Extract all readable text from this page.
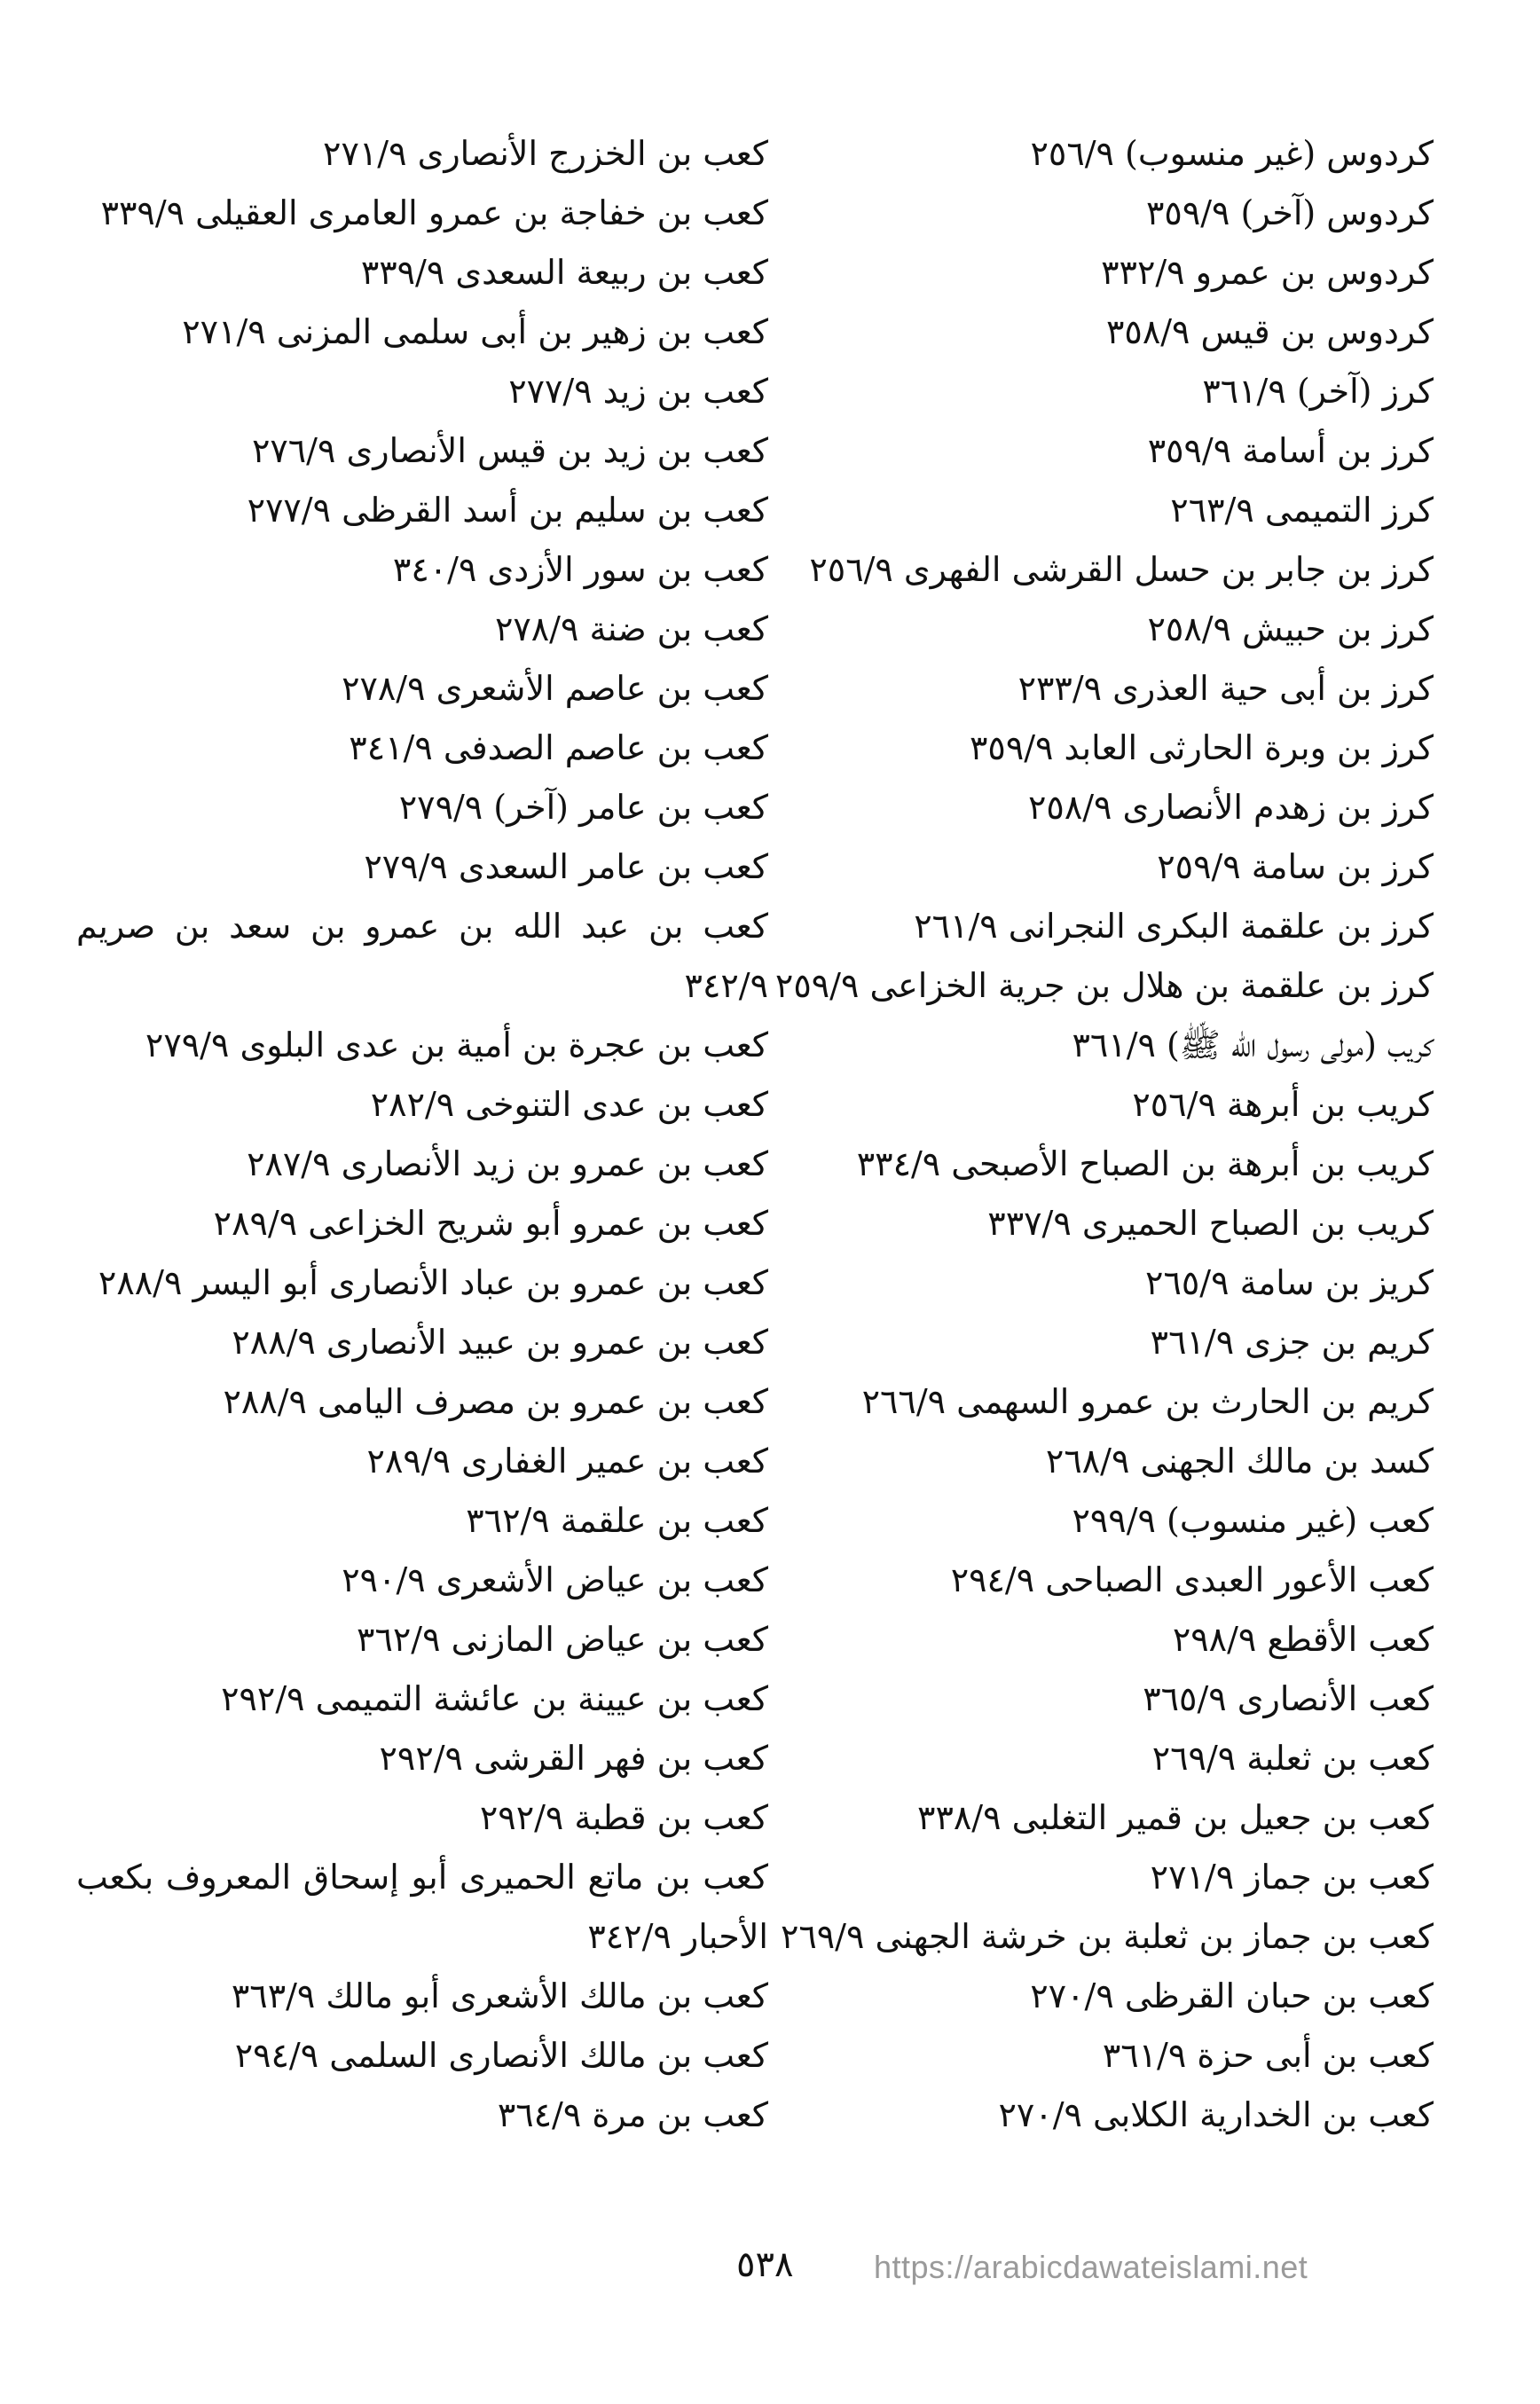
كردوس (غير منسوب) ٢٥٦/٩
كردوس (آخر) ٣٥٩/٩
كردوس بن عمرو ٣٣٢/٩
كردوس بن قيس ٣٥٨/٩
كرز (آخر) ٣٦١/٩
كرز بن أسامة ٣٥٩/٩
كرز التميمى ٢٦٣/٩
كرز بن جابر بن حسل القرشى الفهرى ٢٥٦/٩
كرز بن حبيش ٢٥٨/٩
كرز بن أبى حية العذرى ٢٣٣/٩
كرز بن وبرة الحارثى العابد ٣٥٩/٩
كرز بن زهدم الأنصارى ٢٥٨/٩
كرز بن سامة ٢٥٩/٩
كرز بن علقمة البكرى النجرانى ٢٦١/٩
كرز بن علقمة بن هلال بن جرية الخزاعى ٢٥٩/٩
كريب (مولى رسول الله ﷺ) ٣٦١/٩
كريب بن أبرهة ٢٥٦/٩
كريب بن أبرهة بن الصباح الأصبحى ٣٣٤/٩
كريب بن الصباح الحميرى ٣٣٧/٩
كريز بن سامة ٢٦٥/٩
كريم بن جزى ٣٦١/٩
كريم بن الحارث بن عمرو السهمى ٢٦٦/٩
كسد بن مالك الجهنى ٢٦٨/٩
كعب (غير منسوب) ٢٩٩/٩
كعب الأعور العبدى الصباحى ٢٩٤/٩
كعب الأقطع ٢٩٨/٩
كعب الأنصارى ٣٦٥/٩
كعب بن ثعلبة ٢٦٩/٩
كعب بن جعيل بن قمير التغلبى ٣٣٨/٩
كعب بن جماز ٢٧١/٩
كعب بن جماز بن ثعلبة بن خرشة الجهنى ٢٦٩/٩
كعب بن حبان القرظى ٢٧٠/٩
كعب بن أبى حزة ٣٦١/٩
كعب بن الخدارية الكلابى ٢٧٠/٩
كعب بن الخزرج الأنصارى ٢٧١/٩
كعب بن خفاجة بن عمرو العامرى العقيلى ٣٣٩/٩
كعب بن ربيعة السعدى ٣٣٩/٩
كعب بن زهير بن أبى سلمى المزنى ٢٧١/٩
كعب بن زيد ٢٧٧/٩
كعب بن زيد بن قيس الأنصارى ٢٧٦/٩
كعب بن سليم بن أسد القرظى ٢٧٧/٩
كعب بن سور الأزدى ٣٤٠/٩
كعب بن ضنة ٢٧٨/٩
كعب بن عاصم الأشعرى ٢٧٨/٩
كعب بن عاصم الصدفى ٣٤١/٩
كعب بن عامر (آخر) ٢٧٩/٩
كعب بن عامر السعدى ٢٧٩/٩
كعب بن عبد الله بن عمرو بن سعد بن صريم ٣٤٢/٩
كعب بن عجرة بن أمية بن عدى البلوى ٢٧٩/٩
كعب بن عدى التنوخى ٢٨٢/٩
كعب بن عمرو بن زيد الأنصارى ٢٨٧/٩
كعب بن عمرو أبو شريح الخزاعى ٢٨٩/٩
كعب بن عمرو بن عباد الأنصارى أبو اليسر ٢٨٨/٩
كعب بن عمرو بن عبيد الأنصارى ٢٨٨/٩
كعب بن عمرو بن مصرف اليامى ٢٨٨/٩
كعب بن عمير الغفارى ٢٨٩/٩
كعب بن علقمة ٣٦٢/٩
كعب بن عياض الأشعرى ٢٩٠/٩
كعب بن عياض المازنى ٣٦٢/٩
كعب بن عيينة بن عائشة التميمى ٢٩٢/٩
كعب بن فهر القرشى ٢٩٢/٩
كعب بن قطبة ٢٩٢/٩
كعب بن ماتع الحميرى أبو إسحاق المعروف بكعب الأحبار ٣٤٢/٩
كعب بن مالك الأشعرى أبو مالك ٣٦٣/٩
كعب بن مالك الأنصارى السلمى ٢٩٤/٩
كعب بن مرة ٣٦٤/٩
٥٣٨	https://arabicdawateislami.net
